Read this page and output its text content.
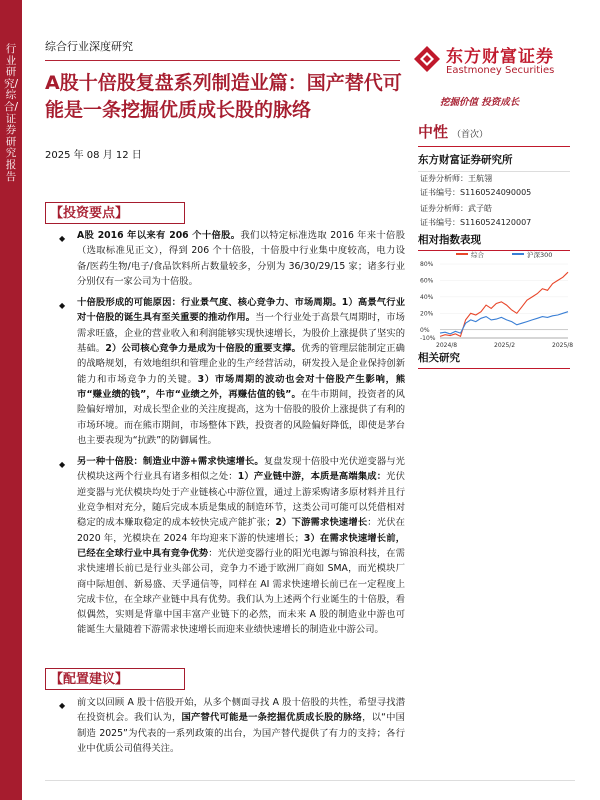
行业研究/综合/证券研究报告
综合行业深度研究
A股十倍股复盘系列制造业篇：国产替代可能是一条挖掘优质成长股的脉络
2025 年 08 月 12 日
东方财富证券
Eastmoney Securities
挖掘价值 投资成长
中性 （首次）
东方财富证券研究所
证券分析师：王航翎
证书编号：S1160524090005
证券分析师：武子皓
证书编号：S1160524120007
相对指数表现
综合	沪深300
80%
60%
40%
20%
0%
-10%
2024/8	2025/2	2025/8
相关研究
【投资要点】
◆ A股 2016 年以来有 206 个十倍股。我们以特定标准选取 2016 年来十倍股（选取标准见正文），得到 206 个十倍股，十倍股中行业集中度较高，电力设备/医药生物/电子/食品饮料所占数量较多，分别为 36/30/29/15 家；诸多行业分别仅有一家公司为十倍股。
◆ 十倍股形成的可能原因：行业景气度、核心竞争力、市场周期。1）高景气行业对十倍股的诞生具有至关重要的推动作用。当一个行业处于高景气周期时，市场需求旺盛，企业的营业收入和利润能够实现快速增长，为股价上涨提供了坚实的基础。2）公司核心竞争力是成为十倍股的重要支撑。优秀的管理层能制定正确的战略规划，有效地组织和管理企业的生产经营活动，研发投入是企业保持创新能力和市场竞争力的关键。3）市场周期的波动也会对十倍股产生影响，熊市“赚业绩的钱”，牛市“业绩之外，再赚估值的钱”。在牛市期间，投资者的风险偏好增加，对成长型企业的关注度提高，这为十倍股的股价上涨提供了有利的市场环境。而在熊市期间，市场整体下跌，投资者的风险偏好降低，即使是茅台也主要表现为“抗跌”的防御属性。
◆ 另一种十倍股：制造业中游+需求快速增长。复盘发现十倍股中光伏逆变器与光伏模块这两个行业具有诸多相似之处：1）产业链中游，本质是高端集成：光伏逆变器与光伏模块均处于产业链核心中游位置，通过上游采购诸多原材料并且行业竞争相对充分，随后完成本质是集成的制造环节，这类公司可能可以凭借相对稳定的成本赚取稳定的成本较快完成产能扩张；2）下游需求快速增长：光伏在 2020 年，光模块在 2024 年均迎来下游的快速增长；3）在需求快速增长前，已经在全球行业中具有竞争优势：光伏逆变器行业的阳光电源与锦浪科技，在需求快速增长前已是行业头部公司，竞争力不逊于欧洲厂商如 SMA，而光模块厂商中际旭创、新易盛、天孚通信等，同样在 AI 需求快速增长前已在一定程度上完成卡位，在全球产业链中具有优势。我们认为上述两个行业诞生的十倍股，看似偶然，实则是背靠中国丰富产业链下的必然，而未来 A 股的制造业中游也可能诞生大量随着下游需求快速增长而迎来业绩快速增长的制造业中游公司。
【配置建议】
◆ 前文以回顾 A 股十倍股开始，从多个侧面寻找 A 股十倍股的共性，希望寻找潜在投资机会。我们认为，国产替代可能是一条挖掘优质成长股的脉络，以“中国制造 2025”为代表的一系列政策的出台，为国产替代提供了有力的支持；各行业中优质公司值得关注。
